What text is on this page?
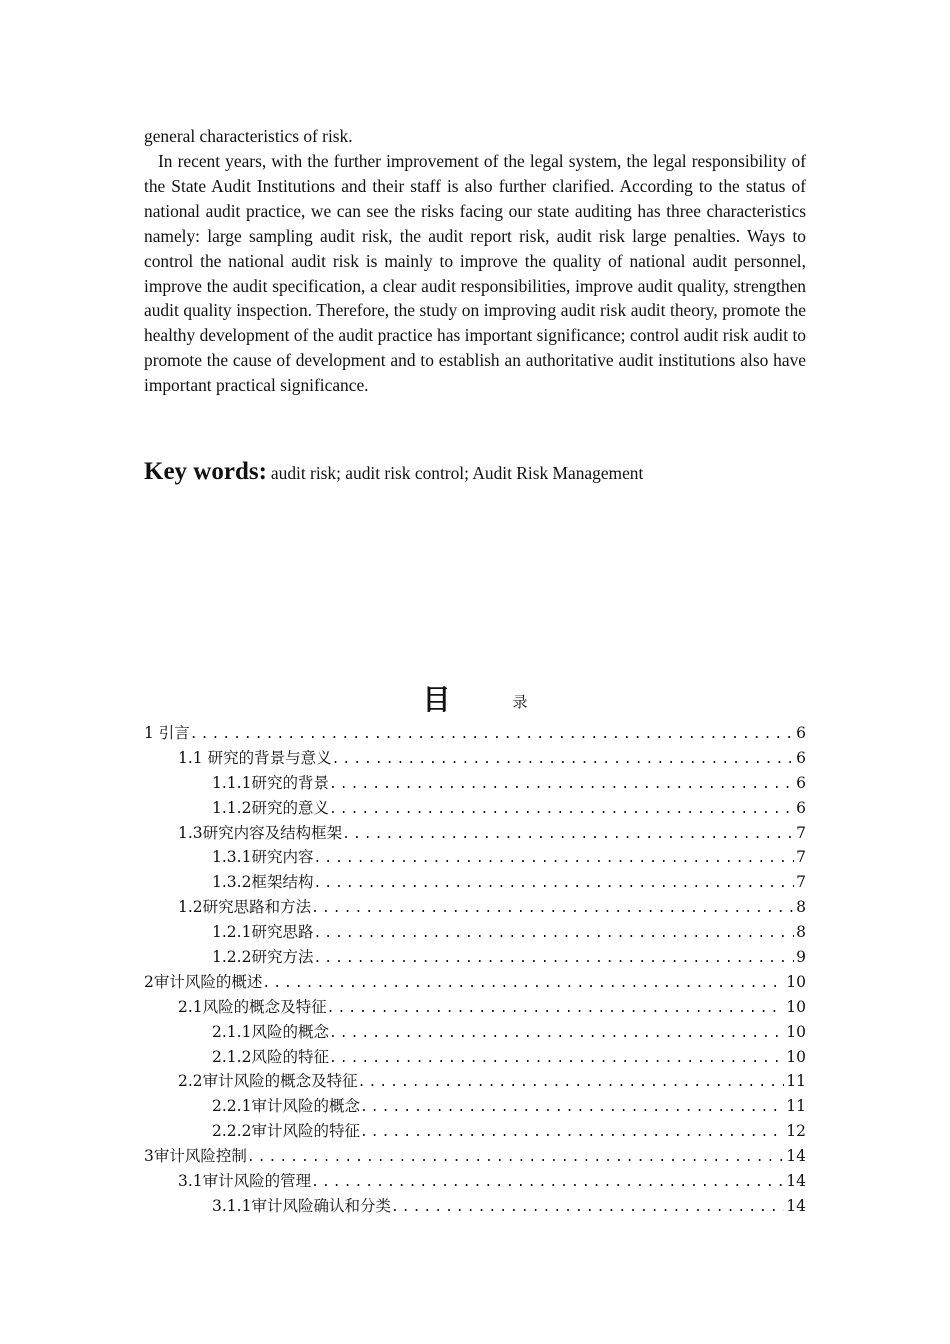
general characteristics of risk.
In recent years, with the further improvement of the legal system, the legal responsibility of the State Audit Institutions and their staff is also further clarified. According to the status of national audit practice, we can see the risks facing our state auditing has three characteristics namely: large sampling audit risk, the audit report risk, audit risk large penalties. Ways to control the national audit risk is mainly to improve the quality of national audit personnel, improve the audit specification, a clear audit responsibilities, improve audit quality, strengthen audit quality inspection. Therefore, the study on improving audit risk audit theory, promote the healthy development of the audit practice has important significance; control audit risk audit to promote the cause of development and to establish an authoritative audit institutions also have important practical significance.
Key words: audit risk; audit risk control; Audit Risk Management
目	录
1 引言 .....	6
1.1 研究的背景与意义 .....	6
1.1.1研究的背景 .....	6
1.1.2研究的意义 .....	6
1.3研究内容及结构框架 .....	7
1.3.1研究内容 .....	7
1.3.2框架结构 .....	7
1.2研究思路和方法 .....	8
1.2.1研究思路 .....	8
1.2.2研究方法 .....	9
2审计风险的概述 .....	10
2.1风险的概念及特征 .....	10
2.1.1风险的概念 .....	10
2.1.2风险的特征 .....	10
2.2审计风险的概念及特征 .....	11
2.2.1审计风险的概念 .....	11
2.2.2审计风险的特征 .....	12
3审计风险控制 .....	14
3.1审计风险的管理 .....	14
3.1.1审计风险确认和分类 .....	14
